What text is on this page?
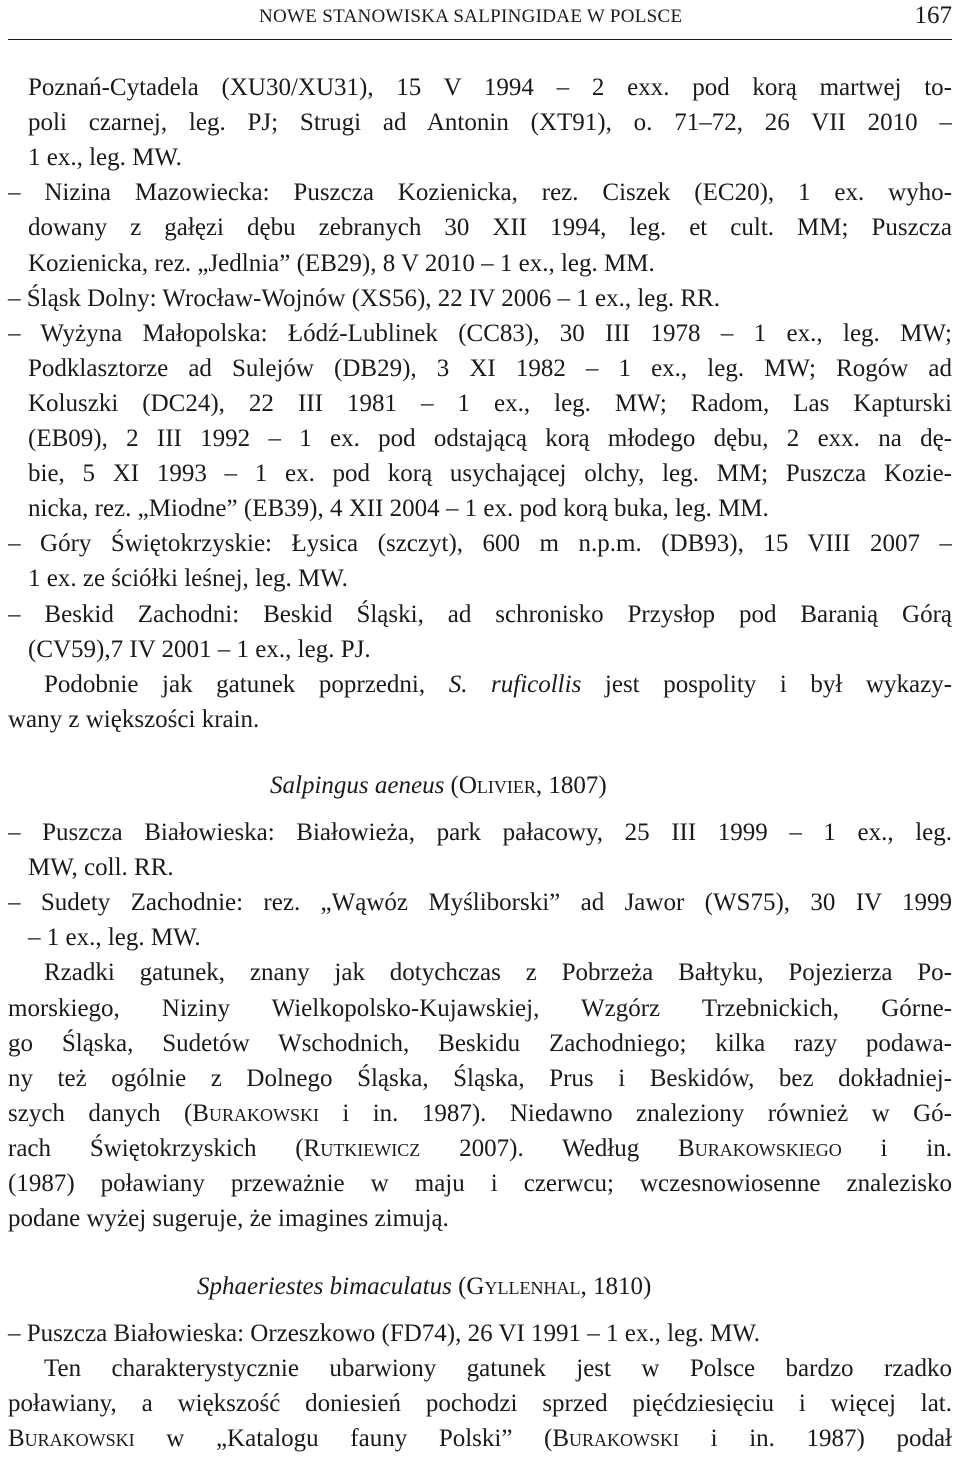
NOWE STANOWISKA SALPINGIDAE W POLSCE	167
Poznań-Cytadela (XU30/XU31), 15 V 1994 – 2 exx. pod korą martwej to-
poli czarnej, leg. PJ; Strugi ad Antonin (XT91), o. 71–72, 26 VII 2010 –
1 ex., leg. MW.
– Nizina Mazowiecka: Puszcza Kozienicka, rez. Ciszek (EC20), 1 ex. wyho-
dowany z gałęzi dębu zebranych 30 XII 1994, leg. et cult. MM; Puszcza
Kozienicka, rez. „Jedlnia” (EB29), 8 V 2010 – 1 ex., leg. MM.
– Śląsk Dolny: Wrocław-Wojnów (XS56), 22 IV 2006 – 1 ex., leg. RR.
– Wyżyna Małopolska: Łódź-Lublinek (CC83), 30 III 1978 – 1 ex., leg. MW;
Podklasztorze ad Sulejów (DB29), 3 XI 1982 – 1 ex., leg. MW; Rogów ad
Koluszki (DC24), 22 III 1981 – 1 ex., leg. MW; Radom, Las Kapturski
(EB09), 2 III 1992 – 1 ex. pod odstającą korą młodego dębu, 2 exx. na dę-
bie, 5 XI 1993 – 1 ex. pod korą usychającej olchy, leg. MM; Puszcza Kozie-
nicka, rez. „Miodne” (EB39), 4 XII 2004 – 1 ex. pod korą buka, leg. MM.
– Góry Świętokrzyskie: Łysica (szczyt), 600 m n.p.m. (DB93), 15 VIII 2007 –
1 ex. ze ściółki leśnej, leg. MW.
– Beskid Zachodni: Beskid Śląski, ad schronisko Przysłop pod Baranią Górą
(CV59),7 IV 2001 – 1 ex., leg. PJ.
Podobnie jak gatunek poprzedni, S. ruficollis jest pospolity i był wykazy-
wany z większości krain.
Salpingus aeneus (Olivier, 1807)
– Puszcza Białowieska: Białowieża, park pałacowy, 25 III 1999 – 1 ex., leg.
MW, coll. RR.
– Sudety Zachodnie: rez. „Wąwóz Myśliborski” ad Jawor (WS75), 30 IV 1999
– 1 ex., leg. MW.
Rzadki gatunek, znany jak dotychczas z Pobrzeża Bałtyku, Pojezierza Po-
morskiego, Niziny Wielkopolsko-Kujawskiej, Wzgórz Trzebnickich, Górne-
go Śląska, Sudetów Wschodnich, Beskidu Zachodniego; kilka razy podawa-
ny też ogólnie z Dolnego Śląska, Śląska, Prus i Beskidów, bez dokładniej-
szych danych (Burakowski i in. 1987). Niedawno znaleziony również w Gó-
rach Świętokrzyskich (Rutkiewicz 2007). Według Burakowskiego i in.
(1987) poławiany przeważnie w maju i czerwcu; wczesnowiosenne znalezisko
podane wyżej sugeruje, że imagines zimują.
Sphaeriestes bimaculatus (Gyllenhal, 1810)
– Puszcza Białowieska: Orzeszkowo (FD74), 26 VI 1991 – 1 ex., leg. MW.
Ten charakterystycznie ubarwiony gatunek jest w Polsce bardzo rzadko
poławiany, a większość doniesień pochodzi sprzed pięćdziesięciu i więcej lat.
Burakowski w „Katalogu fauny Polski” (Burakowski i in. 1987) podał
